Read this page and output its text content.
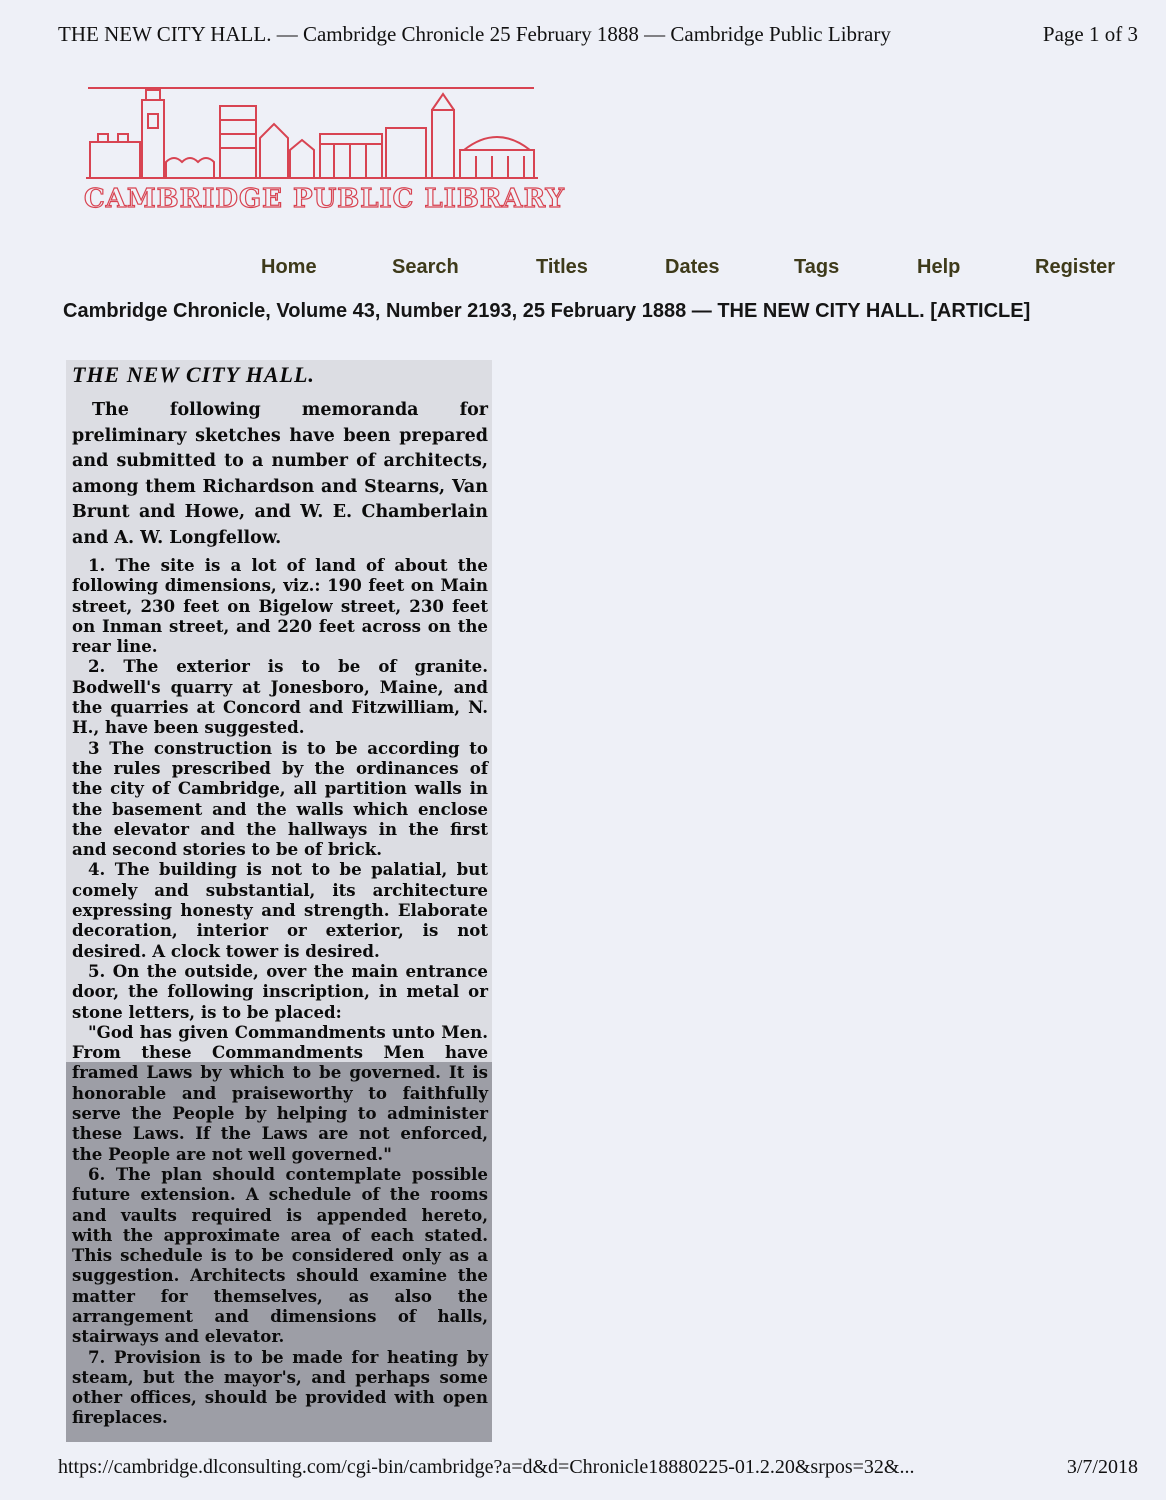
THE NEW CITY HALL. — Cambridge Chronicle 25 February 1888 — Cambridge Public Library	Page 1 of 3
CAMBRIDGE PUBLIC LIBRARY
Home	Search	Titles	Dates	Tags	Help	Register
Cambridge Chronicle, Volume 43, Number 2193, 25 February 1888 — THE NEW CITY HALL. [ARTICLE]
THE NEW CITY HALL.

The following memoranda for preliminary sketches have been prepared and submitted to a number of architects, among them Richardson and Stearns, Van Brunt and Howe, and W. E. Chamberlain and A. W. Longfellow.

1. The site is a lot of land of about the following dimensions, viz.: 190 feet on Main street, 230 feet on Bigelow street, 230 feet on Inman street, and 220 feet across on the rear line.

2. The exterior is to be of granite. Bodwell's quarry at Jonesboro, Maine, and the quarries at Concord and Fitzwilliam, N. H., have been suggested.

3 The construction is to be according to the rules prescribed by the ordinances of the city of Cambridge, all partition walls in the basement and the walls which enclose the elevator and the hallways in the first and second stories to be of brick.

4. The building is not to be palatial, but comely and substantial, its architecture expressing honesty and strength. Elaborate decoration, interior or exterior, is not desired. A clock tower is desired.

5. On the outside, over the main entrance door, the following inscription, in metal or stone letters, is to be placed:

"God has given Commandments unto Men. From these Commandments Men have framed Laws by which to be governed. It is honorable and praiseworthy to faithfully serve the People by helping to administer these Laws. If the Laws are not enforced, the People are not well governed."

6. The plan should contemplate possible future extension. A schedule of the rooms and vaults required is appended hereto, with the approximate area of each stated. This schedule is to be considered only as a suggestion. Architects should examine the matter for themselves, as also the arrangement and dimensions of halls, stairways and elevator.

7. Provision is to be made for heating by steam, but the mayor's, and perhaps some other offices, should be provided with open fireplaces.

https://cambridge.dlconsulting.com/cgi-bin/cambridge?a=d&d=Chronicle18880225-01.2.20&srpos=32&...	3/7/2018
